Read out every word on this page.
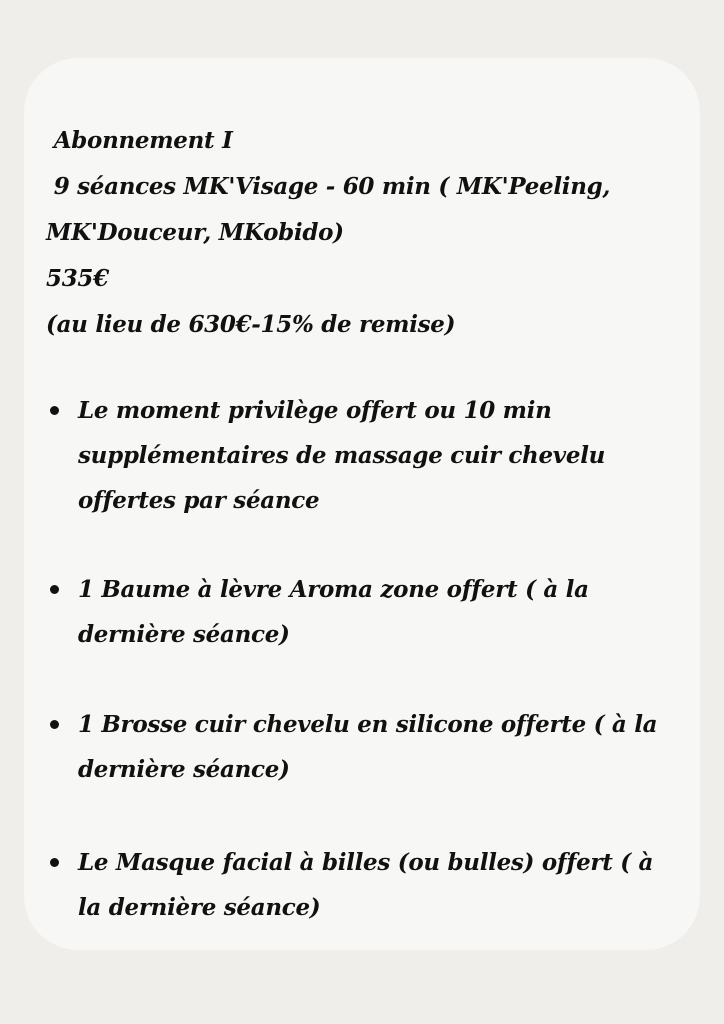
Abonnement I
9 séances MK'Visage - 60 min ( MK'Peeling,
MK'Douceur, MKobido)
535€
(au lieu de 630€-15% de remise)
Le moment privilège offert ou 10 min
supplémentaires de massage cuir chevelu
offertes par séance
1 Baume à lèvre Aroma zone offert ( à la
dernière séance)
1 Brosse cuir chevelu en silicone offerte ( à la
dernière séance)
Le Masque facial à billes (ou bulles) offert ( à
la dernière séance)
